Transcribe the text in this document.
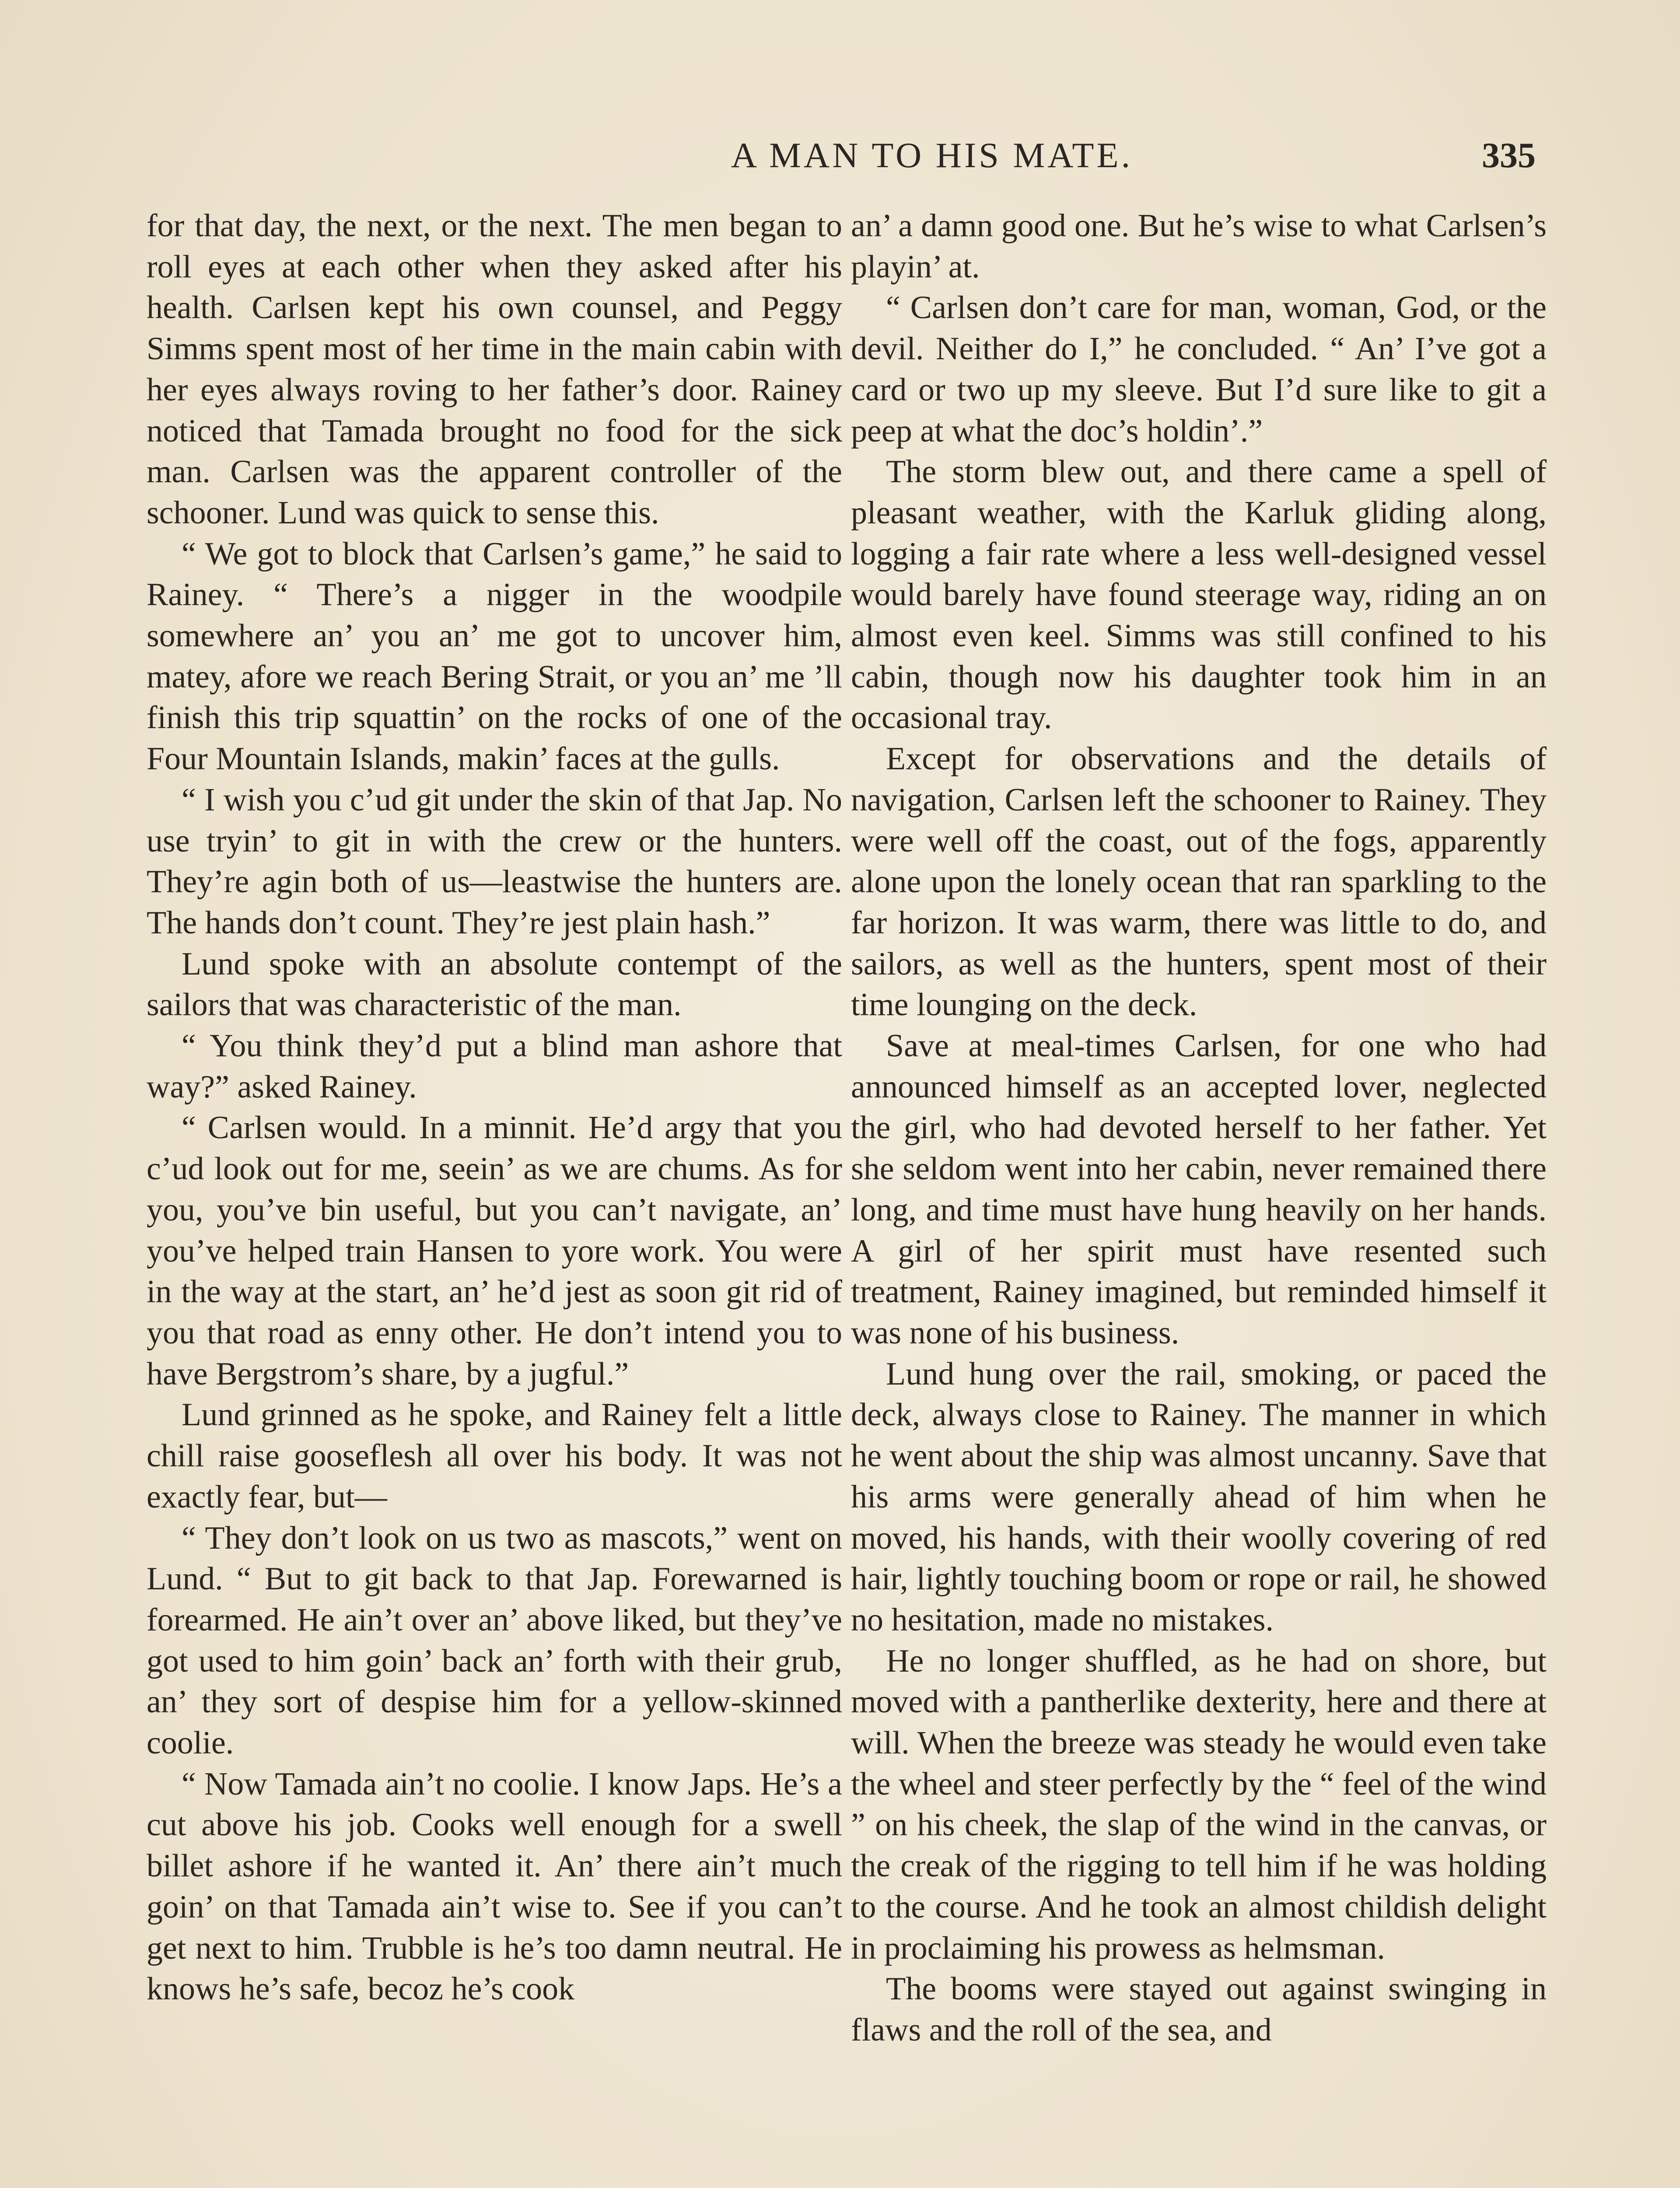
A MAN TO HIS MATE.	335

for that day, the next, or the next. The men began to roll eyes at each other when they asked after his health. Carlsen kept his own counsel, and Peggy Simms spent most of her time in the main cabin with her eyes always roving to her father’s door. Rainey noticed that Tamada brought no food for the sick man. Carlsen was the apparent controller of the schooner. Lund was quick to sense this.

“ We got to block that Carlsen’s game,” he said to Rainey. “ There’s a nigger in the woodpile somewhere an’ you an’ me got to uncover him, matey, afore we reach Bering Strait, or you an’ me ’ll finish this trip squattin’ on the rocks of one of the Four Mountain Islands, makin’ faces at the gulls.

“ I wish you c’ud git under the skin of that Jap. No use tryin’ to git in with the crew or the hunters. They’re agin both of us—leastwise the hunters are. The hands don’t count. They’re jest plain hash.”

Lund spoke with an absolute contempt of the sailors that was characteristic of the man.

“ You think they’d put a blind man ashore that way?” asked Rainey.

“ Carlsen would. In a minnit. He’d argy that you c’ud look out for me, seein’ as we are chums. As for you, you’ve bin useful, but you can’t navigate, an’ you’ve helped train Hansen to yore work. You were in the way at the start, an’ he’d jest as soon git rid of you that road as enny other. He don’t intend you to have Bergstrom’s share, by a jugful.”

Lund grinned as he spoke, and Rainey felt a little chill raise gooseflesh all over his body. It was not exactly fear, but—

“ They don’t look on us two as mascots,” went on Lund. “ But to git back to that Jap. Forewarned is forearmed. He ain’t over an’ above liked, but they’ve got used to him goin’ back an’ forth with their grub, an’ they sort of despise him for a yellow-skinned coolie.

“ Now Tamada ain’t no coolie. I know Japs. He’s a cut above his job. Cooks well enough for a swell billet ashore if he wanted it. An’ there ain’t much goin’ on that Tamada ain’t wise to. See if you can’t get next to him. Trubble is he’s too damn neutral. He knows he’s safe, becoz he’s cook

an’ a damn good one. But he’s wise to what Carlsen’s playin’ at.

“ Carlsen don’t care for man, woman, God, or the devil. Neither do I,” he concluded. “ An’ I’ve got a card or two up my sleeve. But I’d sure like to git a peep at what the doc’s holdin’.”

The storm blew out, and there came a spell of pleasant weather, with the Karluk gliding along, logging a fair rate where a less well-designed vessel would barely have found steerage way, riding an on almost even keel. Simms was still confined to his cabin, though now his daughter took him in an occasional tray.

Except for observations and the details of navigation, Carlsen left the schooner to Rainey. They were well off the coast, out of the fogs, apparently alone upon the lonely ocean that ran sparkling to the far horizon. It was warm, there was little to do, and sailors, as well as the hunters, spent most of their time lounging on the deck.

Save at meal-times Carlsen, for one who had announced himself as an accepted lover, neglected the girl, who had devoted herself to her father. Yet she seldom went into her cabin, never remained there long, and time must have hung heavily on her hands. A girl of her spirit must have resented such treatment, Rainey imagined, but reminded himself it was none of his business.

Lund hung over the rail, smoking, or paced the deck, always close to Rainey. The manner in which he went about the ship was almost uncanny. Save that his arms were generally ahead of him when he moved, his hands, with their woolly covering of red hair, lightly touching boom or rope or rail, he showed no hesitation, made no mistakes.

He no longer shuffled, as he had on shore, but moved with a pantherlike dexterity, here and there at will. When the breeze was steady he would even take the wheel and steer perfectly by the “ feel of the wind ” on his cheek, the slap of the wind in the canvas, or the creak of the rigging to tell him if he was holding to the course. And he took an almost childish delight in proclaiming his prowess as helmsman.

The booms were stayed out against swinging in flaws and the roll of the sea, and
